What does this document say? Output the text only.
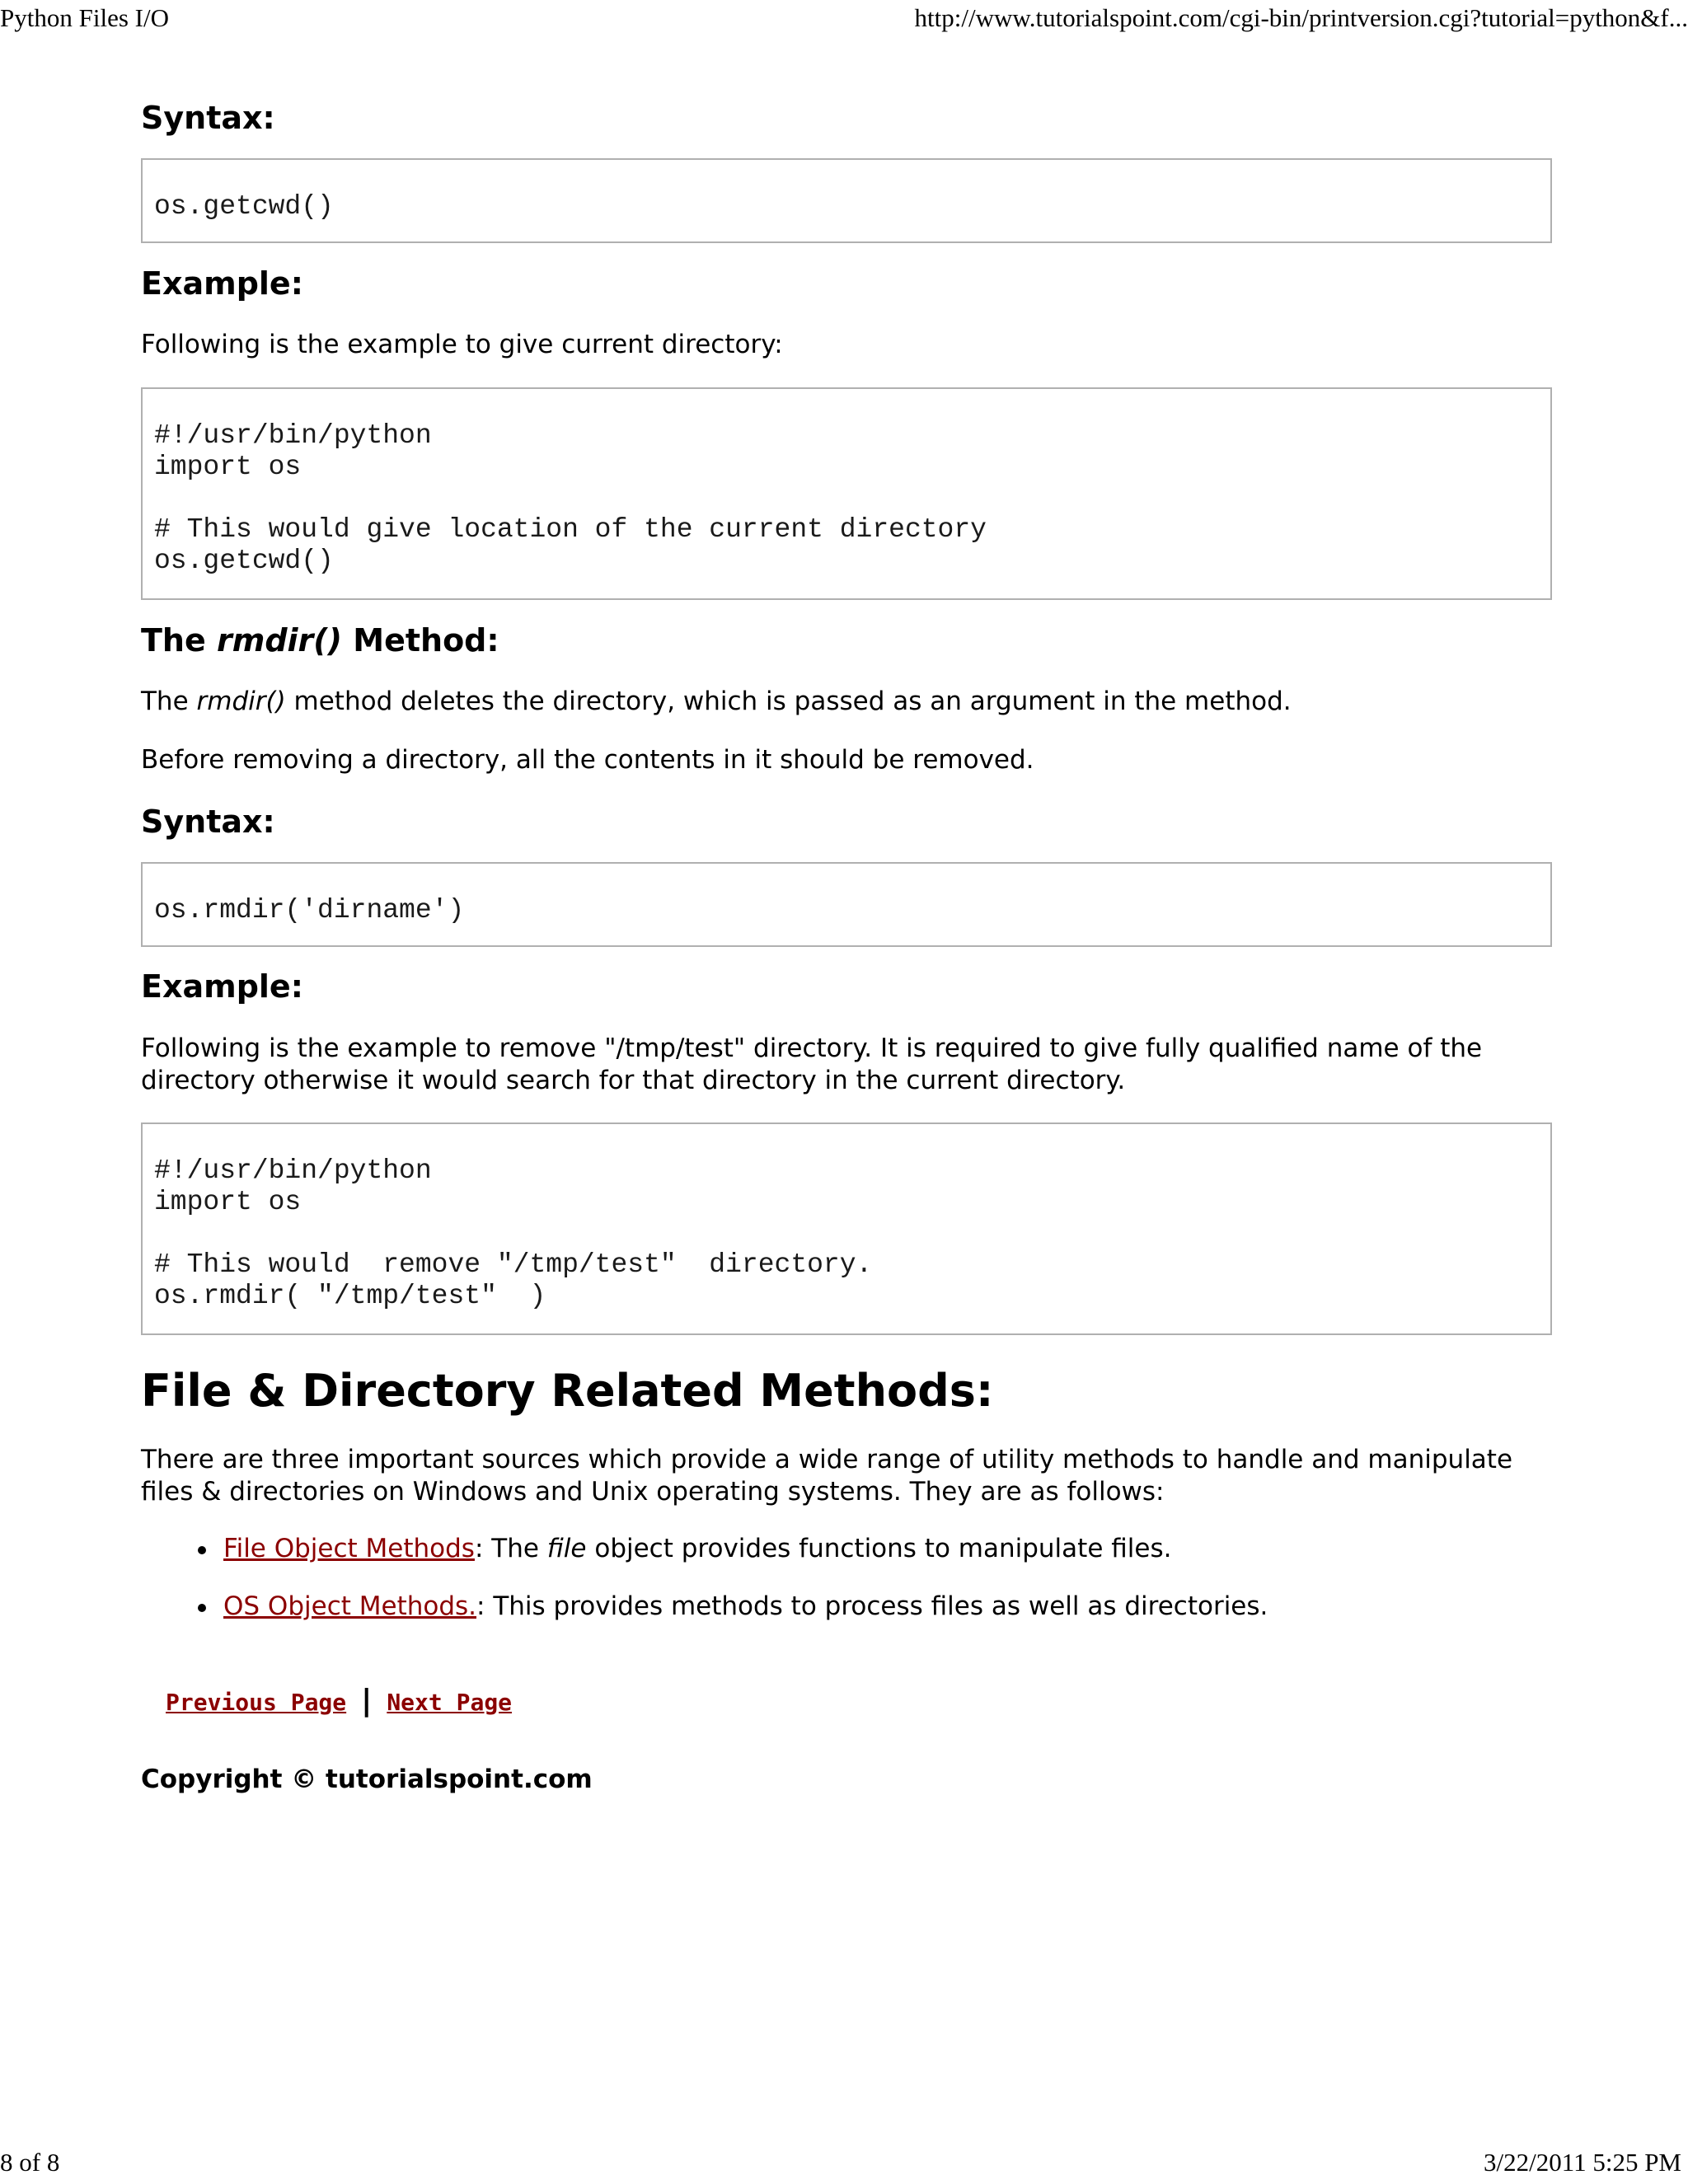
Python Files I/O	http://www.tutorialspoint.com/cgi-bin/printversion.cgi?tutorial=python&f...
Syntax:

os.getcwd()
Example:
Following is the example to give current directory:

#!/usr/bin/python
import os

# This would give location of the current directory
os.getcwd()
The rmdir() Method:
The rmdir() method deletes the directory, which is passed as an argument in the method.
Before removing a directory, all the contents in it should be removed.
Syntax:

os.rmdir('dirname')
Example:
Following is the example to remove "/tmp/test" directory. It is required to give fully qualified name of the directory otherwise it would search for that directory in the current directory.

#!/usr/bin/python
import os

# This would  remove "/tmp/test"  directory.
os.rmdir( "/tmp/test"  )
File & Directory Related Methods:
There are three important sources which provide a wide range of utility methods to handle and manipulate files & directories on Windows and Unix operating systems. They are as follows:
File Object Methods: The file object provides functions to manipulate files.
OS Object Methods.: This provides methods to process files as well as directories.
Previous Page | Next Page
Copyright © tutorialspoint.com
8 of 8	3/22/2011 5:25 PM
